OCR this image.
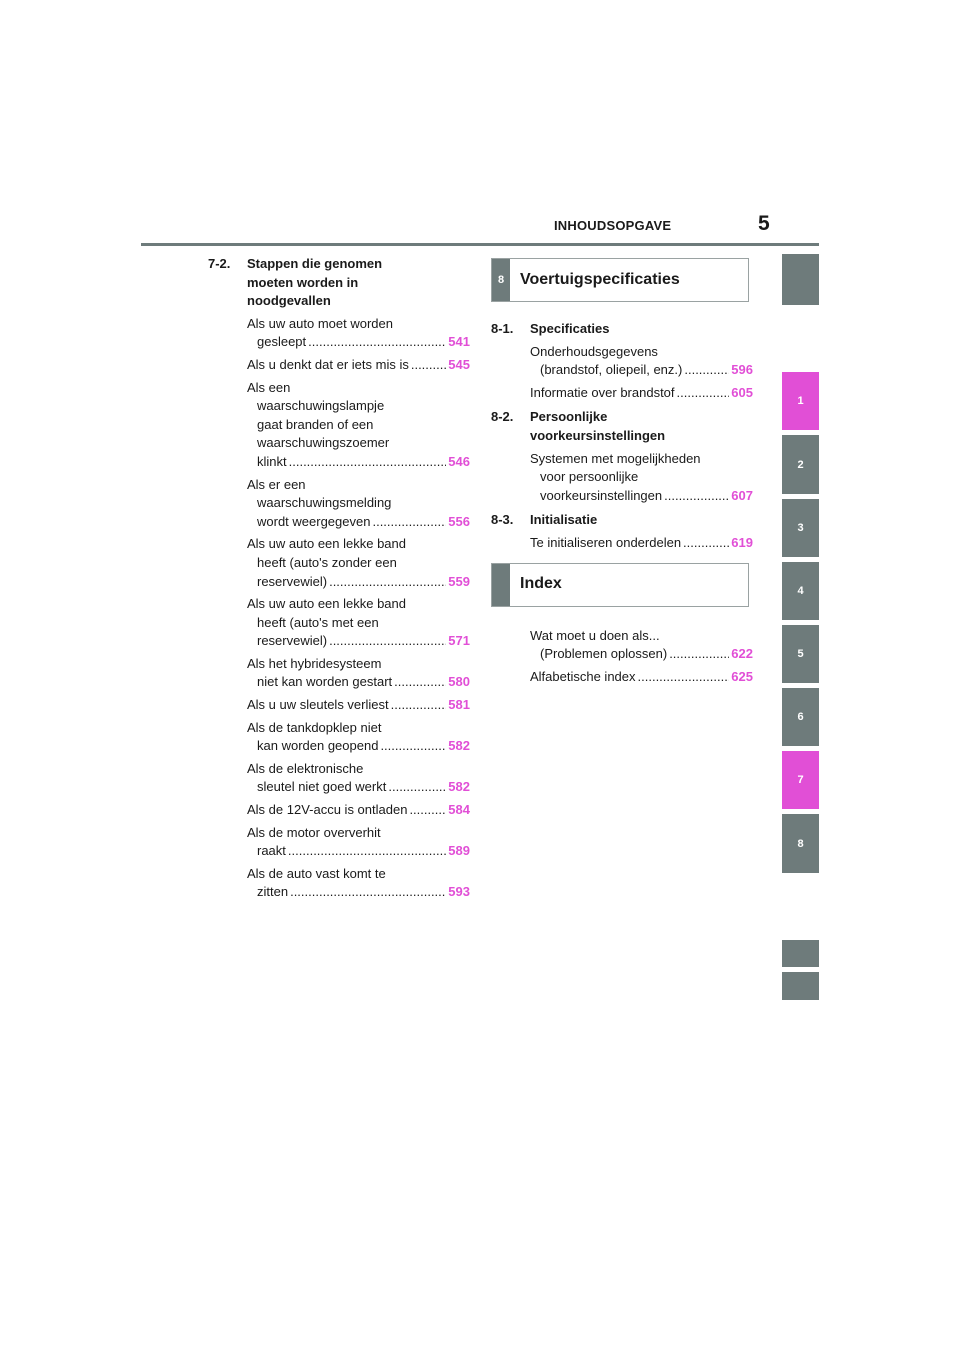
INHOUDSOPGAVE	5
1
2
3
4
5
6
7
8
7-2.	Stappen die genomen
moeten worden in
noodgevallen
Als uw auto moet worden
gesleept .....	541
Als u denkt dat er iets mis is .....	545
Als een
waarschuwingslampje
gaat branden of een
waarschuwingszoemer
klinkt .....	546
Als er een
waarschuwingsmelding
wordt weergegeven .....	556
Als uw auto een lekke band
heeft (auto's zonder een
reservewiel) .....	559
Als uw auto een lekke band
heeft (auto's met een
reservewiel) .....	571
Als het hybridesysteem
niet kan worden gestart .....	580
Als u uw sleutels verliest .....	581
Als de tankdopklep niet
kan worden geopend .....	582
Als de elektronische
sleutel niet goed werkt .....	582
Als de 12V-accu is ontladen .....	584
Als de motor oververhit
raakt .....	589
Als de auto vast komt te
zitten .....	593
8 Voertuigspecificaties
8-1.	Specificaties
Onderhoudsgegevens
(brandstof, oliepeil, enz.) .....	596
Informatie over brandstof .....	605
8-2.	Persoonlijke
voorkeursinstellingen
Systemen met mogelijkheden
voor persoonlijke
voorkeursinstellingen .....	607
8-3.	Initialisatie
Te initialiseren onderdelen .....	619
Index
Wat moet u doen als...
(Problemen oplossen) .....	622
Alfabetische index .....	625
